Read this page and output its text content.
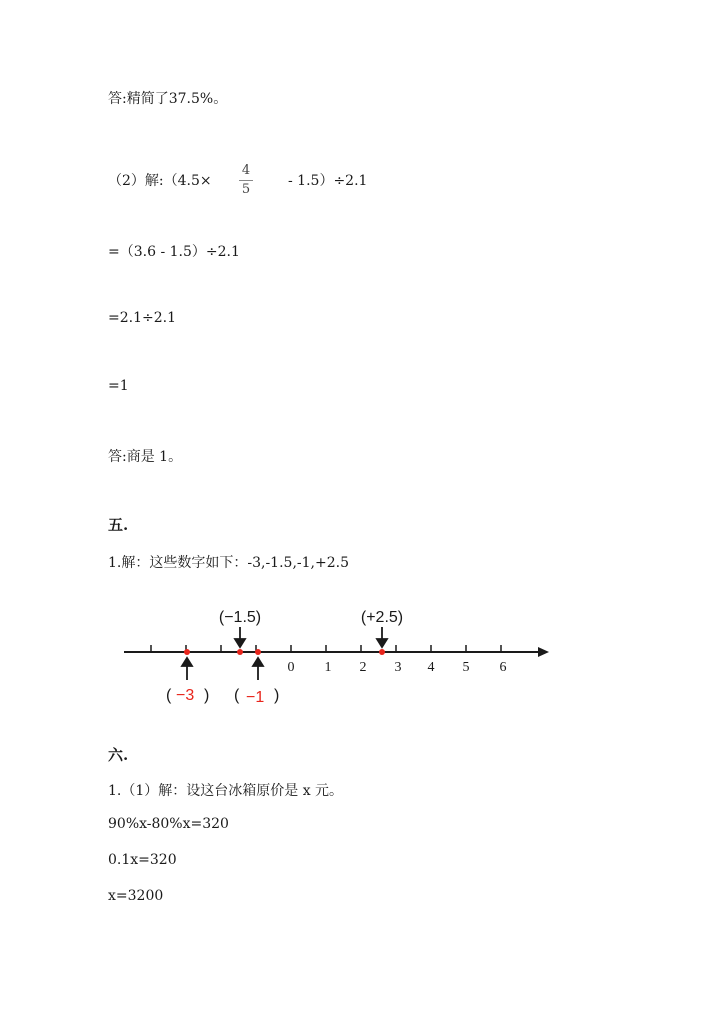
答:精简了37.5%。
（2）解:（4.5×
4
5
- 1.5）÷2.1
=（3.6 - 1.5）÷2.1
=2.1÷2.1
=1
答:商是 1。
五.
1.解：这些数字如下：-3,-1.5,-1,+2.5
0 1 2 3 4 5 6
(−1.5)	(+2.5)
( −3 ) ( −1 )
六.
1.（1）解：设这台冰箱原价是 x 元。
90%x-80%x=320
0.1x=320
x=3200
